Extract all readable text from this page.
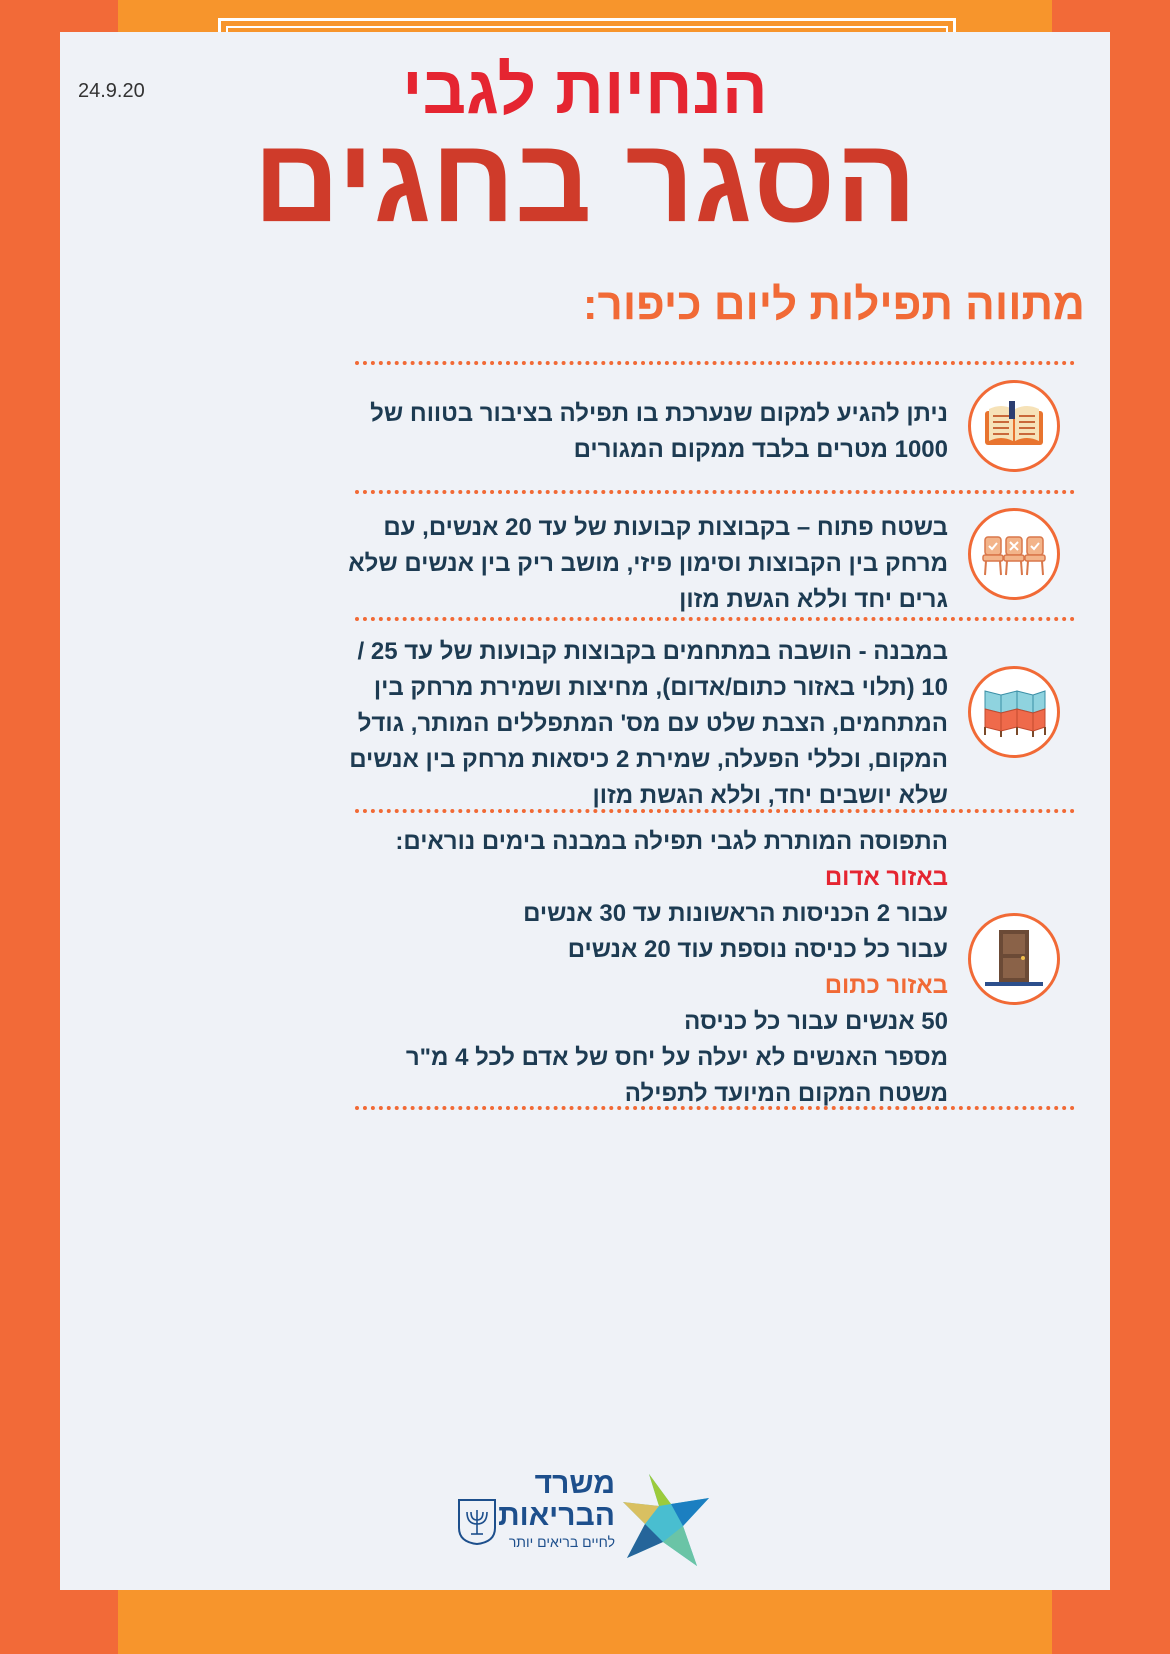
24.9.20	הנחיות לגבי
הסגר בחגים
מתווה תפילות ליום כיפור:
ניתן להגיע למקום שנערכת בו תפילה בציבור בטווח של
1000 מטרים בלבד ממקום המגורים
בשטח פתוח – בקבוצות קבועות של עד 20 אנשים, עם
מרחק בין הקבוצות וסימון פיזי, מושב ריק בין אנשים שלא
גרים יחד וללא הגשת מזון
במבנה - הושבה במתחמים בקבוצות קבועות של עד 25 /
10 (תלוי באזור כתום/אדום), מחיצות ושמירת מרחק בין
המתחמים, הצבת שלט עם מס' המתפללים המותר, גודל
המקום, וכללי הפעלה, שמירת 2 כיסאות מרחק בין אנשים
שלא יושבים יחד, וללא הגשת מזון
התפוסה המותרת לגבי תפילה במבנה בימים נוראים:
באזור אדום
עבור 2 הכניסות הראשונות עד 30 אנשים
עבור כל כניסה נוספת עוד 20 אנשים
באזור כתום
50 אנשים עבור כל כניסה
מספר האנשים לא יעלה על יחס של אדם לכל 4 מ"ר
משטח המקום המיועד לתפילה
משרד
הבריאות
לחיים בריאים יותר
